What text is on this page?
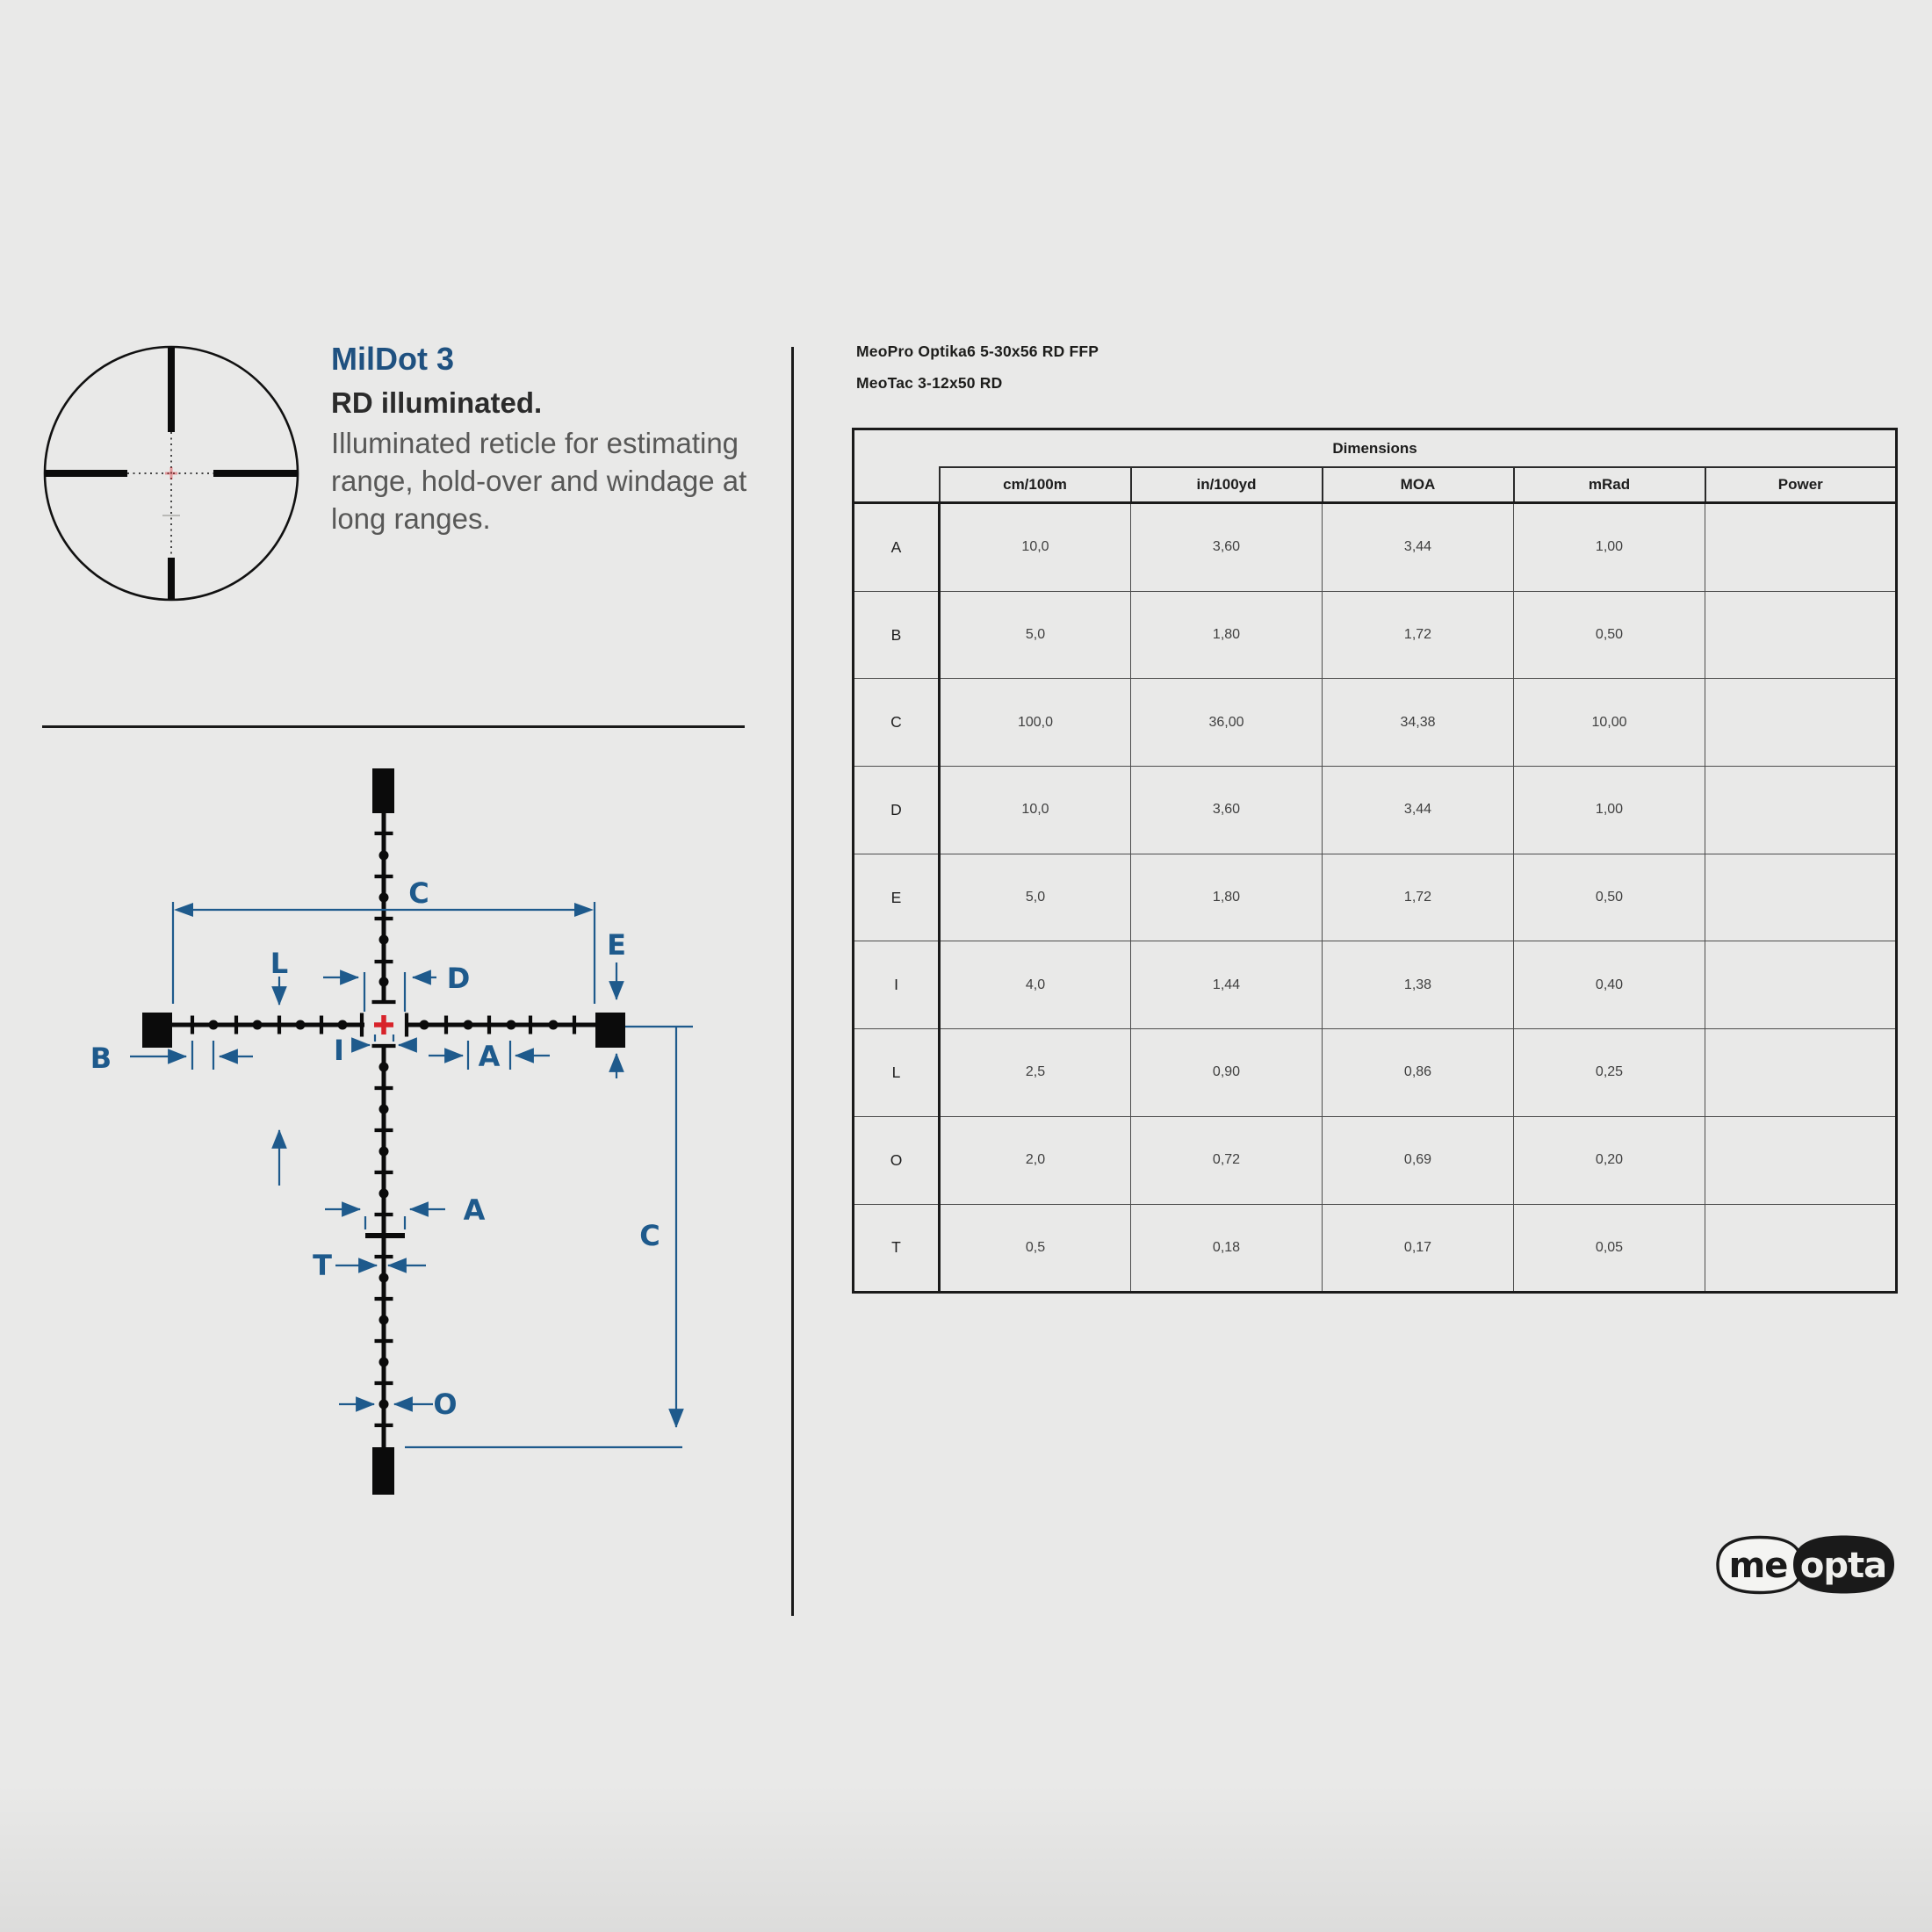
MilDot 3

RD illuminated.

Illuminated reticle for estimating range, hold-over and windage at long ranges.

MeoPro Optika6 5-30x56 RD FFP

MeoTac 3-12x50 RD

Dimensions					
	cm/100m	in/100yd	MOA	mRad	Power
A	10,0	3,60	3,44	1,00	
B	5,0	1,80	1,72	0,50	
C	100,0	36,00	34,38	10,00	
D	10,0	3,60	3,44	1,00	
E	5,0	1,80	1,72	0,50	
I	4,0	1,44	1,38	0,40	
L	2,5	0,90	0,86	0,25	
O	2,0	0,72	0,69	0,20	
T	0,5	0,18	0,17	0,05	
C
L	D
E
B	I	A
A
T
O
C
me opta
